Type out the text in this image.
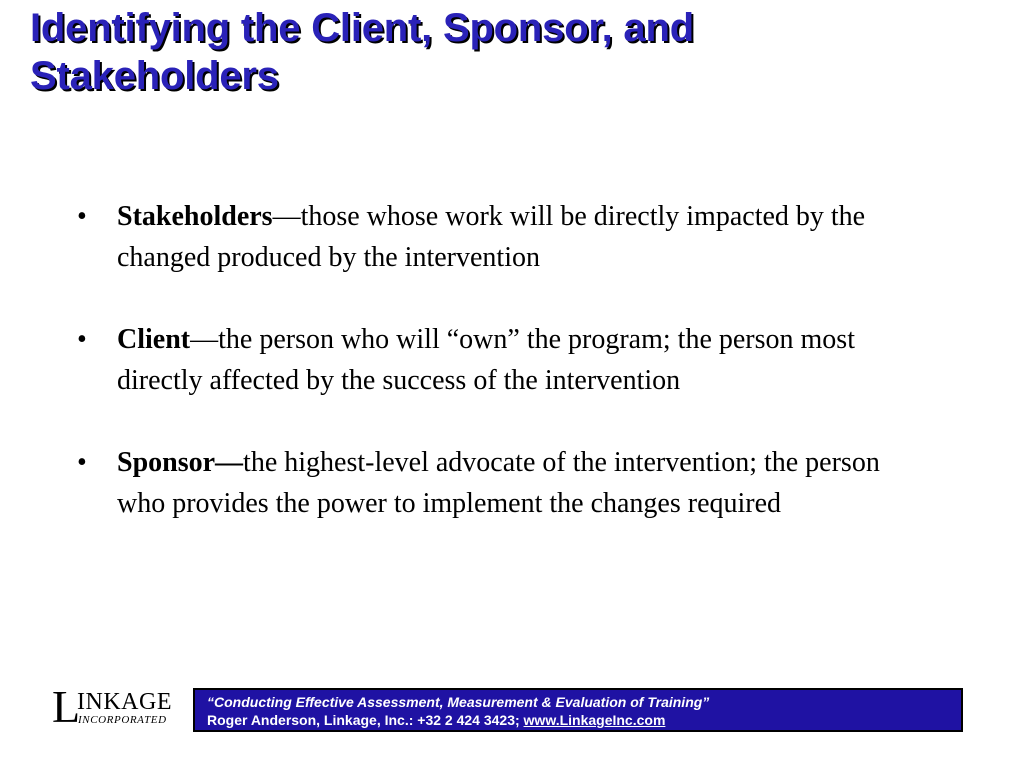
Identifying the Client, Sponsor, and Stakeholders
• Stakeholders—those whose work will be directly impacted by the changed produced by the intervention
• Client—the person who will “own” the program; the person most directly affected by the success of the intervention
• Sponsor—the highest-level advocate of the intervention; the person who provides the power to implement the changes required
L
INKAGE
INCORPORATED
“Conducting Effective Assessment, Measurement & Evaluation of Training”
Roger Anderson, Linkage, Inc.: +32 2 424 3423; www.LinkageInc.com
